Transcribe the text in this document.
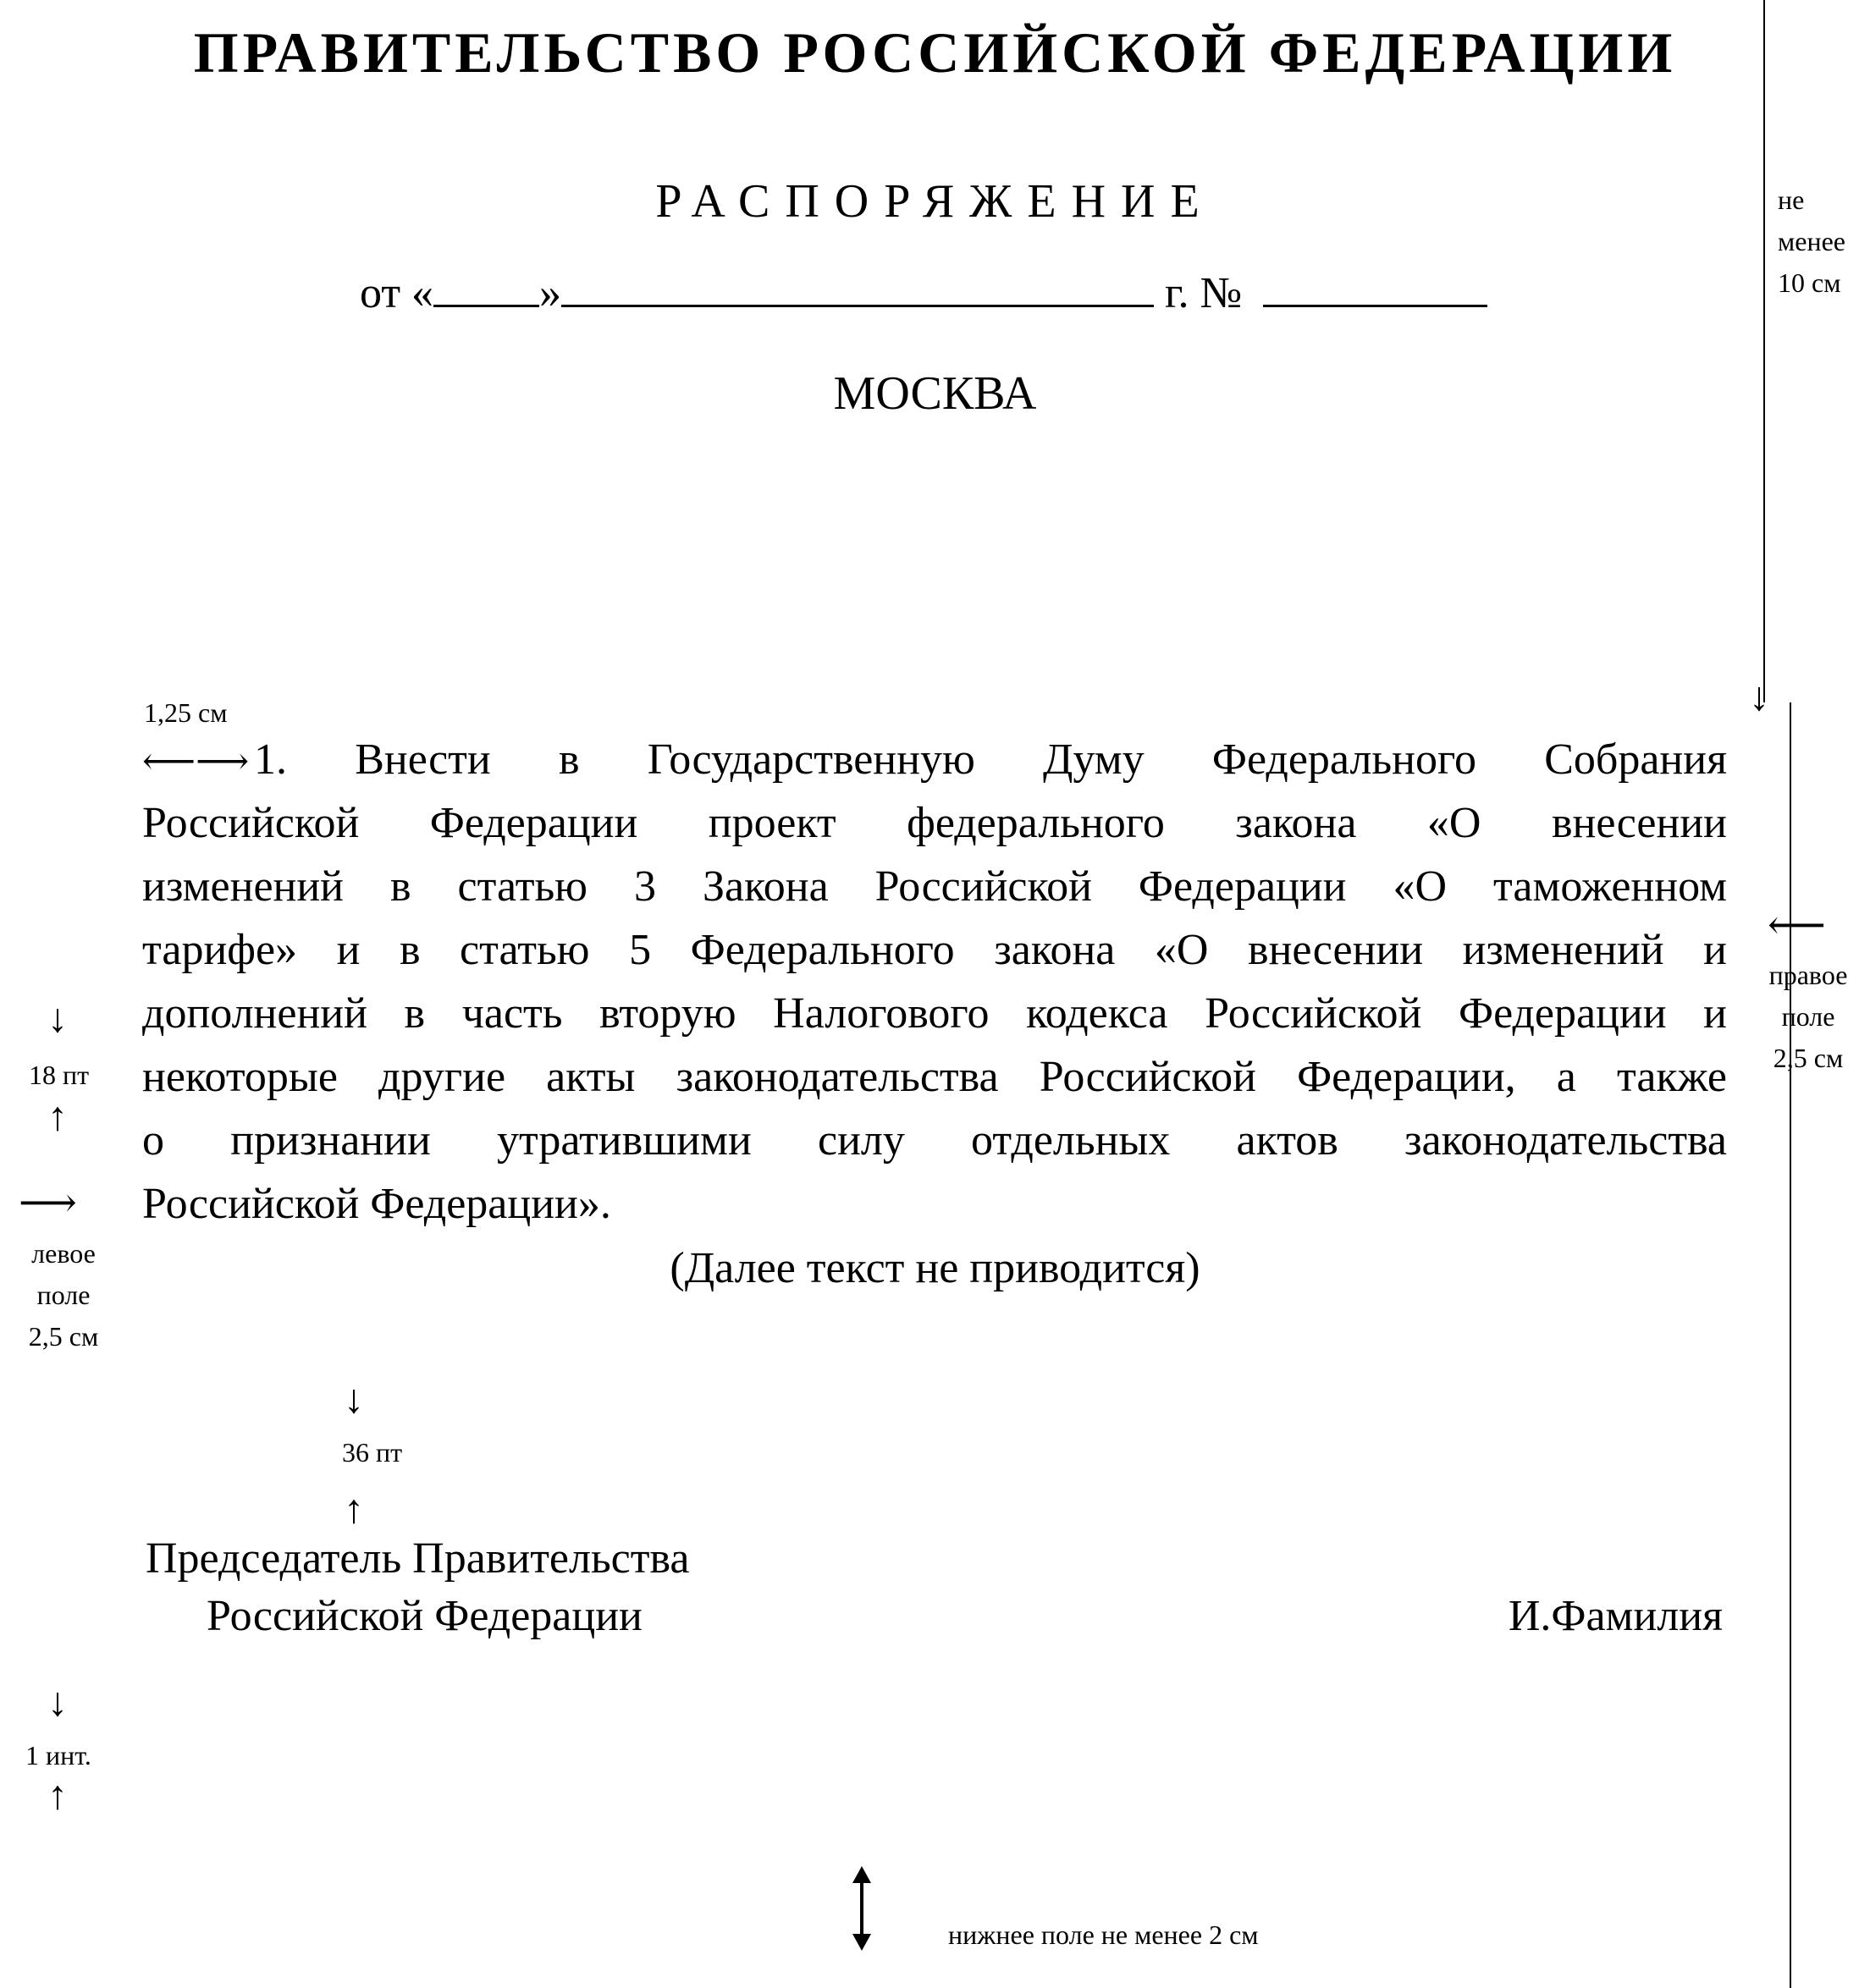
ПРАВИТЕЛЬСТВО РОССИЙСКОЙ ФЕДЕРАЦИИ
РАСПОРЯЖЕНИЕ
от « »	г. №
МОСКВА
⟵⟶ 1. Внести в Государственную Думу Федерального Собрания
Российской Федерации проект федерального закона «О внесении
изменений в статью 3 Закона Российской Федерации «О таможенном
тарифе» и в статью 5 Федерального закона «О внесении изменений и
дополнений в часть вторую Налогового кодекса Российской Федерации и
некоторые другие акты законодательства Российской Федерации, а также
о признании утратившими силу отдельных актов законодательства
Российской Федерации».
(Далее текст не приводится)
Председатель Правительства
Российской Федерации	И.Фамилия
↓
не
менее
10 см
1,25 см
⟵
правое
поле
2,5 см
↓
18 пт
↑
⟶
левое
поле
2,5 см
↓
36 пт
↑
↓
1 инт.
↑
нижнее поле не менее 2 см
